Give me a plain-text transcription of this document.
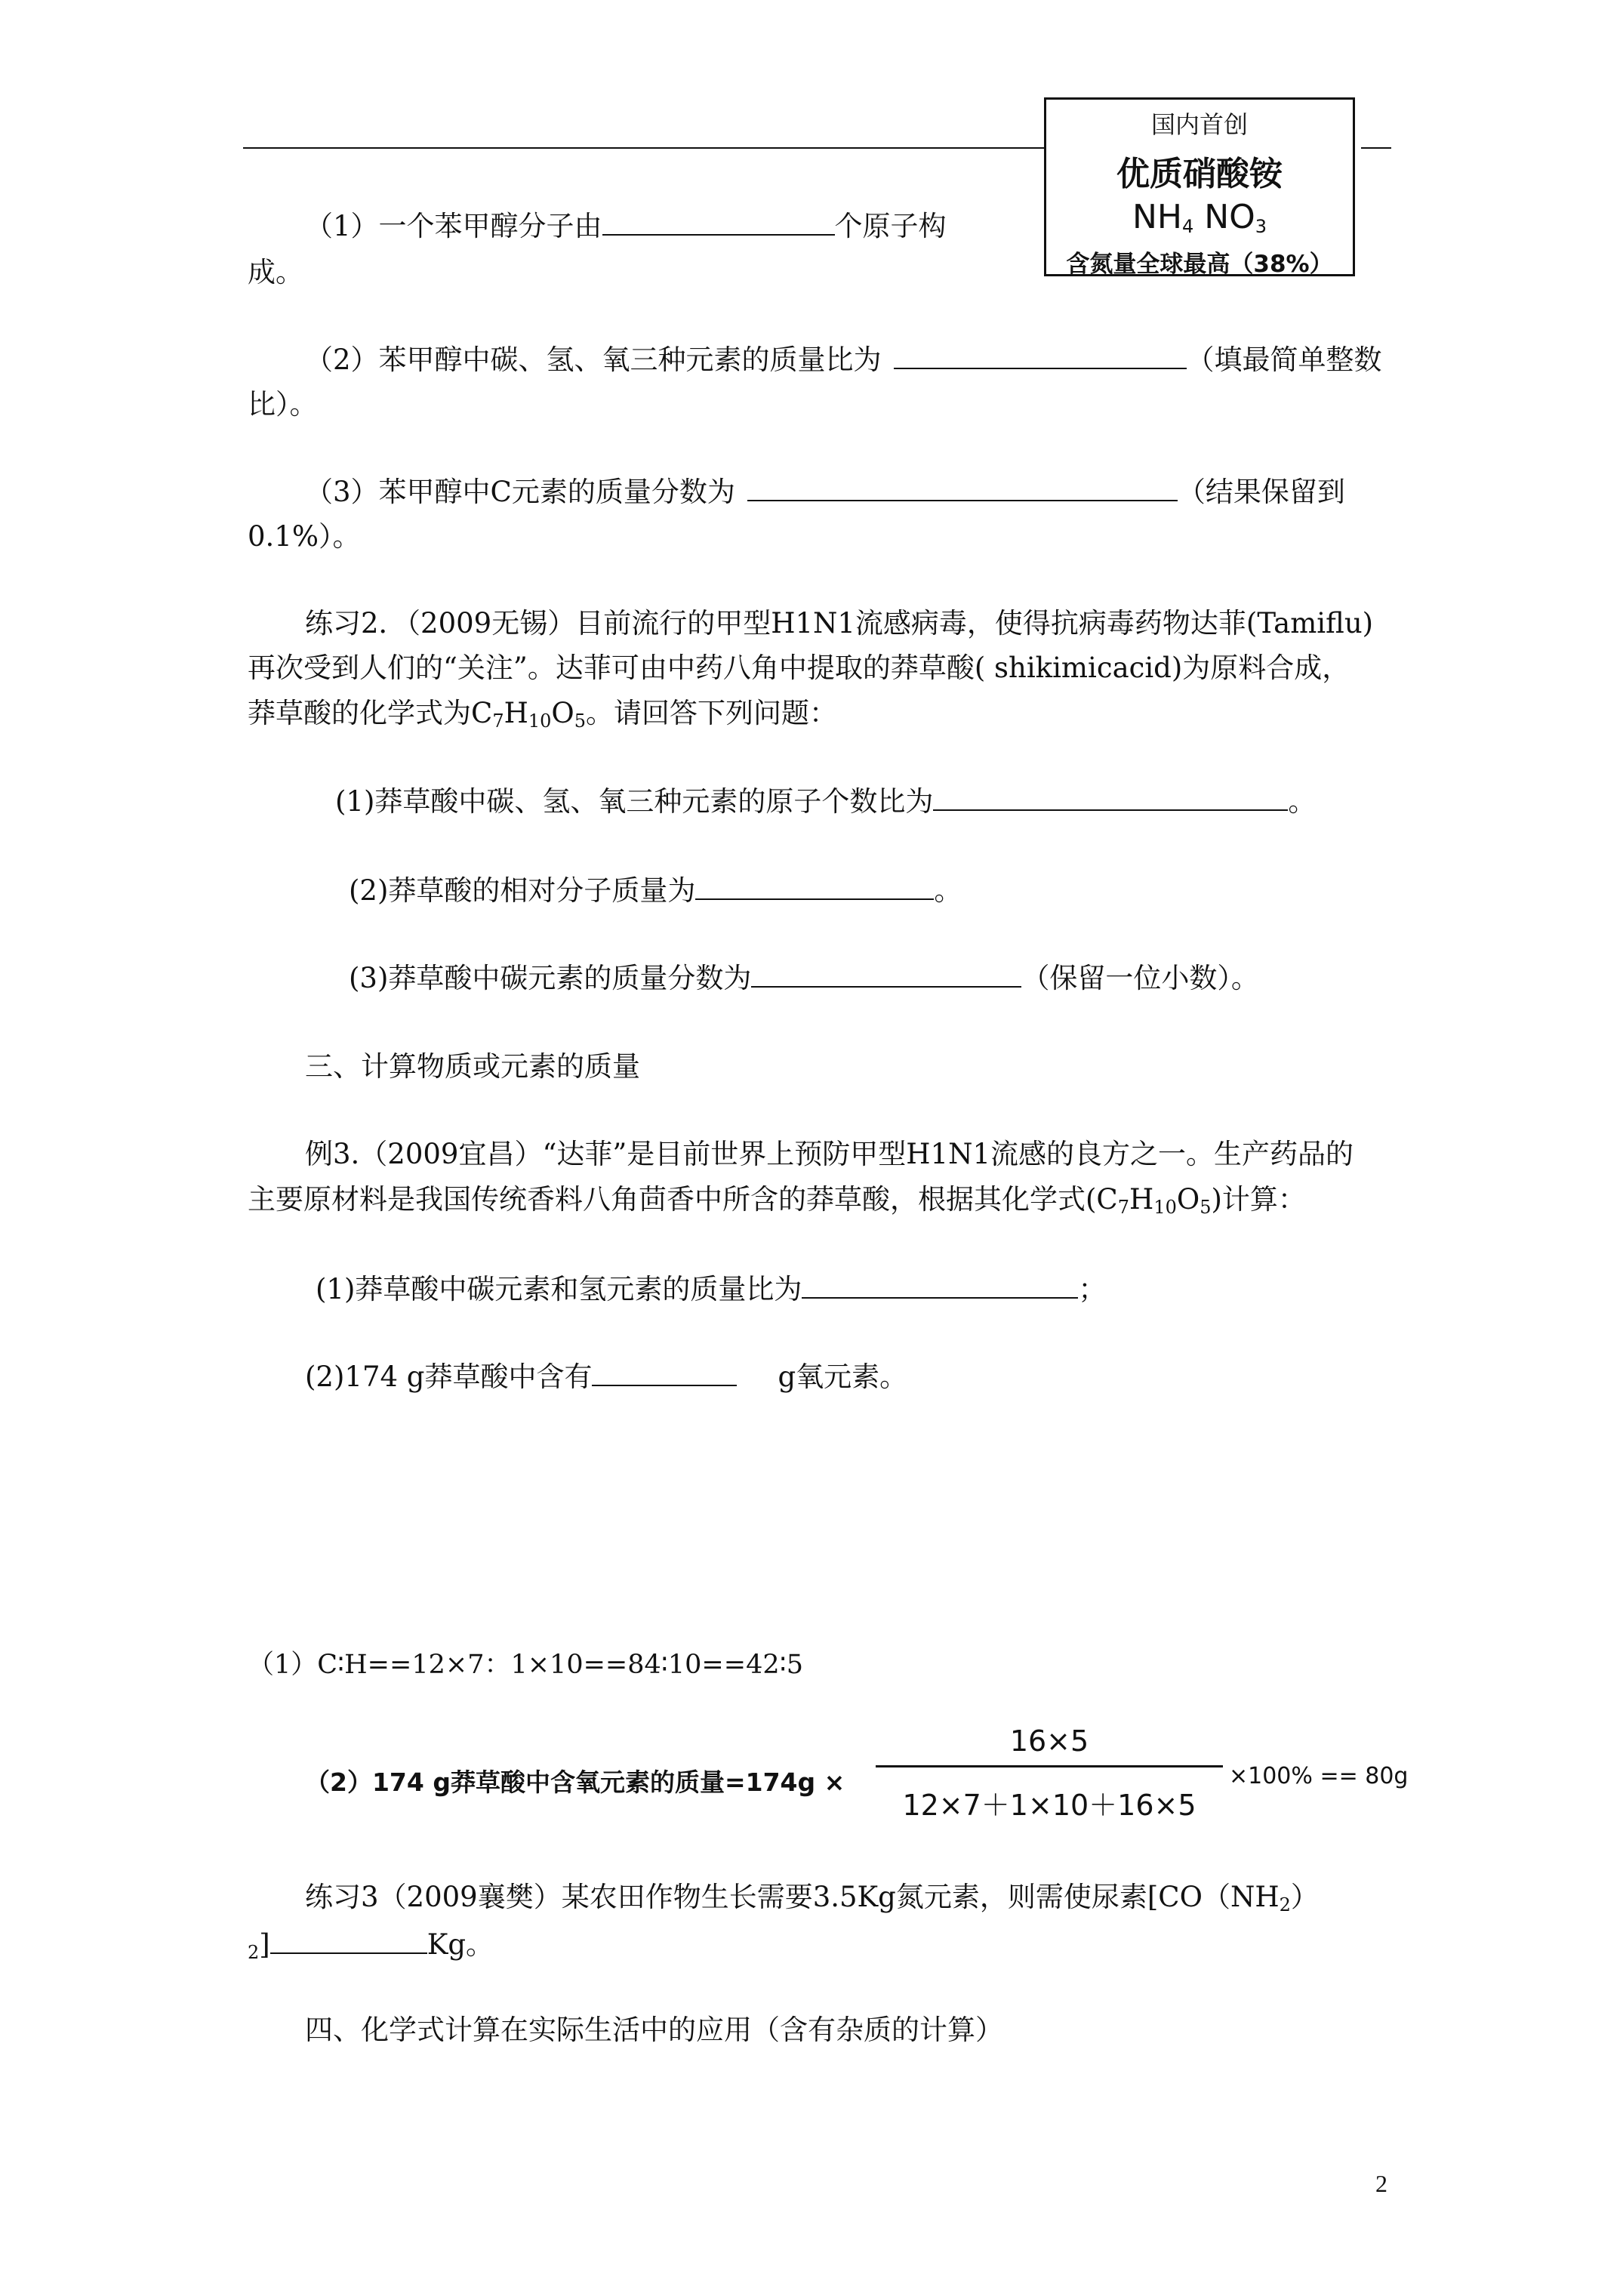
国内首创
优质硝酸铵
$NH_4$ $NO_3$
含氮量全球最高（38%）
（1）一个苯甲醇分子由	个原子构
成。
（2）苯甲醇中碳、氢、氧三种元素的质量比为	（填最简单整数
比）。
（3）苯甲醇中C元素的质量分数为	（结果保留到
0.1%）。
练习2．（2009无锡）目前流行的甲型H1N1流感病毒，使得抗病毒药物达菲(Tamiflu)
再次受到人们的“关注”。达菲可由中药八角中提取的莽草酸( shikimicacid)为原料合成，
莽草酸的化学式为$C_7H_{10}O_5$。请回答下列问题：
(1)莽草酸中碳、氢、氧三种元素的原子个数比为	。
(2)莽草酸的相对分子质量为	。
(3)莽草酸中碳元素的质量分数为	（保留一位小数）。
三、计算物质或元素的质量
例3.（2009宜昌）“达菲”是目前世界上预防甲型H1N1流感的良方之一。生产药品的
主要原材料是我国传统香料八角茴香中所含的莽草酸，根据其化学式$(C_7H_{10}O_5)$计算：
(1)莽草酸中碳元素和氢元素的质量比为	；
(2)174 g莽草酸中含有	g氧元素。
（1）C∶H==12×7：1×10==84∶10==42∶5
（2）174 g莽草酸中含氧元素的质量=174g ×
16×5
12×7＋1×10＋16×5
×100% == 80g
练习3（2009襄樊）某农田作物生长需要3.5Kg氮元素，则需使尿素[$CO(NH_2)$
$_2$]	Kg。
四、化学式计算在实际生活中的应用（含有杂质的计算）
2
